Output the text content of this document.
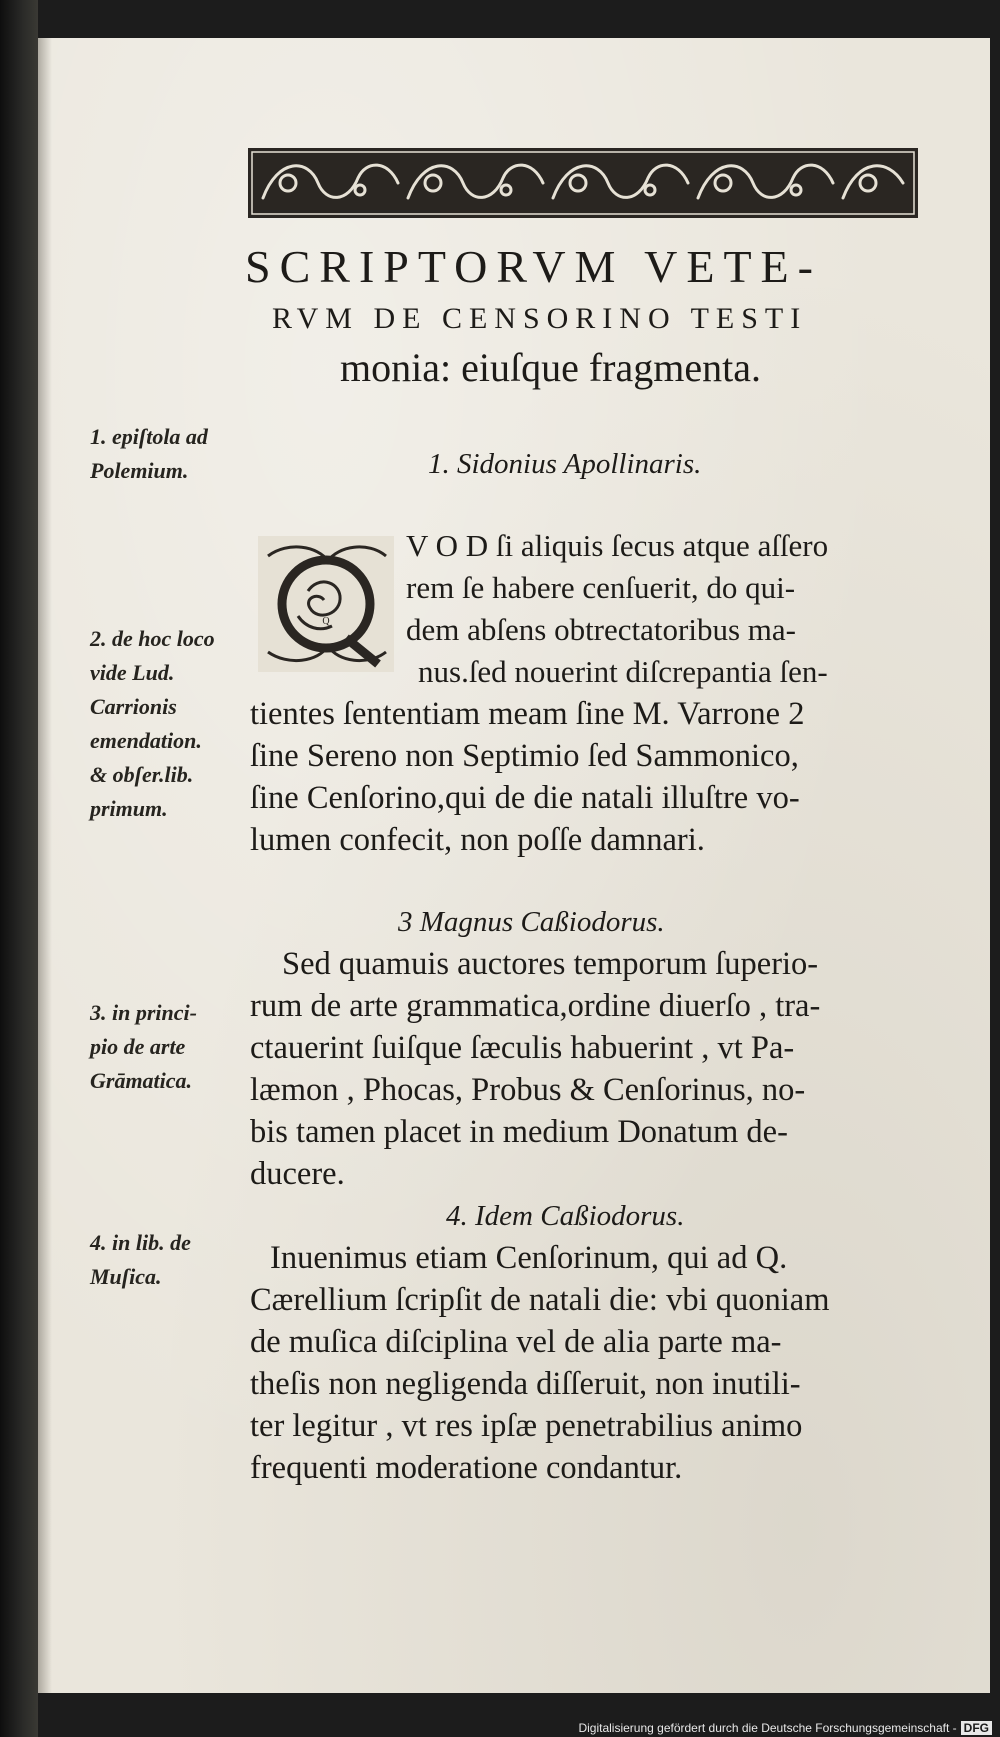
SCRIPTORVM VETE-
RVM DE CENSORINO TESTI
monia: eiuſque fragmenta.
1. epiſtola ad
Polemium.	1. Sidonius Apollinaris.
Q
V O D ſi aliquis ſecus atque aſſero
rem ſe habere cenſuerit, do qui-
dem abſens obtrectatoribus ma-
nus.ſed nouerint diſcrepantia ſen-
2. de hoc loco
vide Lud.
Carrionis
emendation.
& obſer.lib.
primum.
tientes ſententiam meam ſine M. Varrone 2
ſine Sereno non Septimio ſed Sammonico,
ſine Cenſorino,qui de die natali illuſtre vo-
lumen confecit, non poſſe damnari.
3 Magnus Caßiodorus.
Sed quamuis auctores temporum ſuperio-
rum de arte grammatica,ordine diuerſo , tra-
ctauerint ſuiſque ſæculis habuerint , vt Pa-
læmon , Phocas, Probus & Cenſorinus, no-
bis tamen placet in medium Donatum de-
ducere.
3. in princi-
pio de arte
Grāmatica.
4. Idem Caßiodorus.
4. in lib. de
Muſica.
Inuenimus etiam Cenſorinum, qui ad Q.
Cærellium ſcripſit de natali die: vbi quoniam
de muſica diſciplina vel de alia parte ma-
theſis non negligenda diſſeruit, non inutili-
ter legitur , vt res ipſæ penetrabilius animo
frequenti moderatione condantur.
Digitalisierung gefördert durch die Deutsche Forschungsgemeinschaft - DFG
